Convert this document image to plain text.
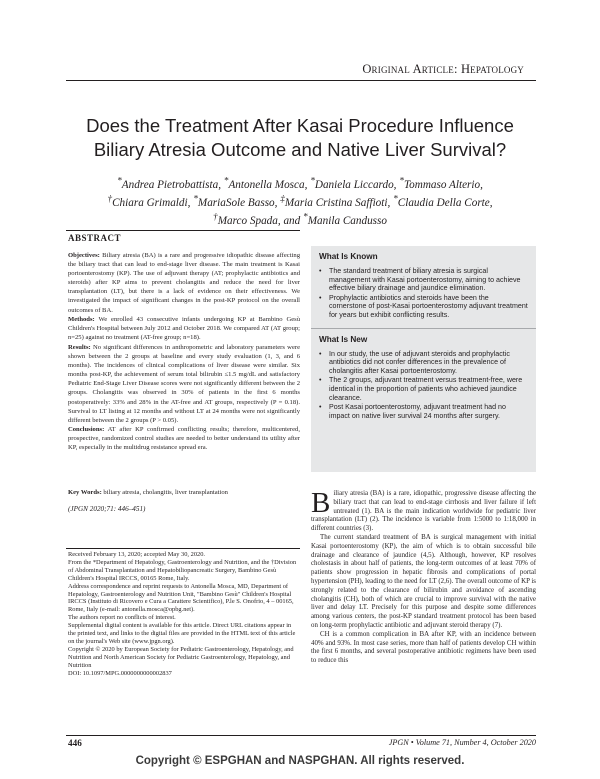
Original Article: Hepatology
Does the Treatment After Kasai Procedure Influence
Biliary Atresia Outcome and Native Liver Survival?
*Andrea Pietrobattista, *Antonella Mosca, *Daniela Liccardo, *Tommaso Alterio,
†Chiara Grimaldi, *MariaSole Basso, ‡Maria Cristina Saffioti, *Claudia Della Corte,
†Marco Spada, and *Manila Candusso
ABSTRACT

Objectives: Biliary atresia (BA) is a rare and progressive idiopathic disease affecting the biliary tract that can lead to end-stage liver disease. The main treatment is Kasai portoenterostomy (KP). The use of adjuvant therapy (AT; prophylactic antibiotics and steroids) after KP aims to prevent cholangitis and reduce the need for liver transplantation (LT), but there is a lack of evidence on their effectiveness. We investigated the impact of significant changes in the post-KP protocol on the overall outcomes of BA.

Methods: We enrolled 43 consecutive infants undergoing KP at Bambino Gesù Children's Hospital between July 2012 and October 2018. We compared AT (AT group; n=25) against no treatment (AT-free group; n=18).

Results: No significant differences in anthropometric and laboratory parameters were shown between the 2 groups at baseline and every study evaluation (1, 3, and 6 months). The incidences of clinical complications of liver disease were similar. Six months post-KP, the achievement of serum total bilirubin ≤1.5 mg/dL and satisfactory Pediatric End-Stage Liver Disease scores were not significantly different between the 2 groups. Cholangitis was observed in 30% of patients in the first 6 months postoperatively: 33% and 28% in the AT-free and AT groups, respectively (P = 0.18). Survival to LT listing at 12 months and without LT at 24 months were not significantly different between the 2 groups (P > 0.05).

Conclusions: AT after KP confirmed conflicting results; therefore, multicentered, prospective, randomized control studies are needed to better understand its utility after KP, especially in the multidrug resistance spread era.

Key Words: biliary atresia, cholangitis, liver transplantation
(JPGN 2020;71: 446–451)
What Is Known
• The standard treatment of biliary atresia is surgical management with Kasai portoenterostomy, aiming to achieve effective biliary drainage and jaundice elimination.
• Prophylactic antibiotics and steroids have been the cornerstone of post-Kasai portoenterostomy adjuvant treatment for years but exhibit conflicting results.
What Is New
• In our study, the use of adjuvant steroids and prophylactic antibiotics did not confer differences in the prevalence of cholangitis after Kasai portoenterostomy.
• The 2 groups, adjuvant treatment versus treatment-free, were identical in the proportion of patients who achieved jaundice clearance.
• Post Kasai portoenterostomy, adjuvant treatment had no impact on native liver survival 24 months after surgery.

Received February 13, 2020; accepted May 30, 2020.

From the *Department of Hepatology, Gastroenterology and Nutrition, and the †Division of Abdominal Transplantation and Hepatobiliopancreatic Surgery, Bambino Gesù Children's Hospital IRCCS, 00165 Rome, Italy.

Address correspondence and reprint requests to Antonella Mosca, MD, Department of Hepatology, Gastroenterology and Nutrition Unit, "Bambino Gesù" Children's Hospital IRCCS (Instituto di Ricovero e Cura a Carattere Scientifico), P.le S. Onofrio, 4 – 00165, Rome, Italy (e-mail: antonella.mosca@opbg.net).

The authors report no conflicts of interest.

Supplemental digital content is available for this article. Direct URL citations appear in the printed text, and links to the digital files are provided in the HTML text of this article on the journal's Web site (www.jpgn.org).

Copyright © 2020 by European Society for Pediatric Gastroenterology, Hepatology, and Nutrition and North American Society for Pediatric Gastroenterology, Hepatology, and Nutrition

DOI: 10.1097/MPG.0000000000002837

Biliary atresia (BA) is a rare, idiopathic, progressive disease affecting the biliary tract that can lead to end-stage cirrhosis and liver failure if left untreated (1). BA is the main indication worldwide for pediatric liver transplantation (LT) (2). The incidence is variable from 1:5000 to 1:18,000 in different countries (3).

The current standard treatment of BA is surgical management with initial Kasai portoenterostomy (KP), the aim of which is to obtain successful bile drainage and clearance of jaundice (4,5). Although, however, KP resolves cholestasis in about half of patients, the long-term outcomes of at least 70% of patients show progression in hepatic fibrosis and complications of portal hypertension (PH), leading to the need for LT (2,6). The overall outcome of KP is strongly related to the clearance of bilirubin and avoidance of ascending cholangitis (CH), both of which are crucial to improve survival with the native liver and delay LT. Precisely for this purpose and despite some differences among various centers, the post-KP standard treatment protocol has been based on long-term prophylactic antibiotic and adjuvant steroid therapy (7).

CH is a common complication in BA after KP, with an incidence between 40% and 93%. In most case series, more than half of patients develop CH within the first 6 months, and several postoperative antibiotic regimens have been used to reduce this

446	JPGN • Volume 71, Number 4, October 2020
Copyright © ESPGHAN and NASPGHAN. All rights reserved.
